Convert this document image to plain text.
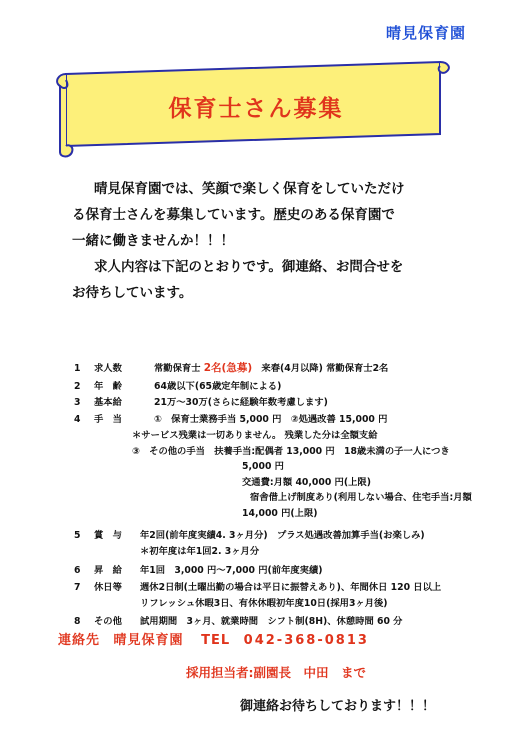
晴見保育園
保育士さん募集

晴見保育園では、笑顔で楽しく保育をしていただけ

る保育士さんを募集しています。歴史のある保育園で

一緒に働きませんか！！！

求人内容は下記のとおりです。御連絡、お問合せを

お待ちしています。

1 求人数	常勤保育士 2名(急募) 来春(4月以降) 常勤保育士2名
2 年　齢	64歳以下(65歳定年制による)
3 基本給	21万～30万(さらに経験年数考慮します)
4 手　当	①　保育士業務手当 5,000 円　②処遇改善 15,000 円
＊サービス残業は一切ありません。 残業した分は全額支給
③　その他の手当　扶養手当:配偶者 13,000 円　18歳未満の子一人につき
5,000 円
交通費:月額 40,000 円(上限)
宿舎借上げ制度あり(利用しない場合、住宅手当:月額
14,000 円(上限)
5 賞　与 年2回(前年度実績4. 3ヶ月分)　プラス処遇改善加算手当(お楽しみ)
＊初年度は年1回2. 3ヶ月分
6 昇　給 年1回　3,000 円～7,000 円(前年度実績)
7 休日等 週休2日制(土曜出勤の場合は平日に振替えあり)、年間休日 120 日以上
リフレッシュ休暇3日、有休休暇初年度10日(採用3ヶ月後)
8 その他 試用期間　3ヶ月、就業時間　シフト制(8H)、休憩時間 60 分
連絡先 晴見保育園 TEL 042-368-0813
採用担当者:副園長　中田　まで
御連絡お待ちしております！！！
